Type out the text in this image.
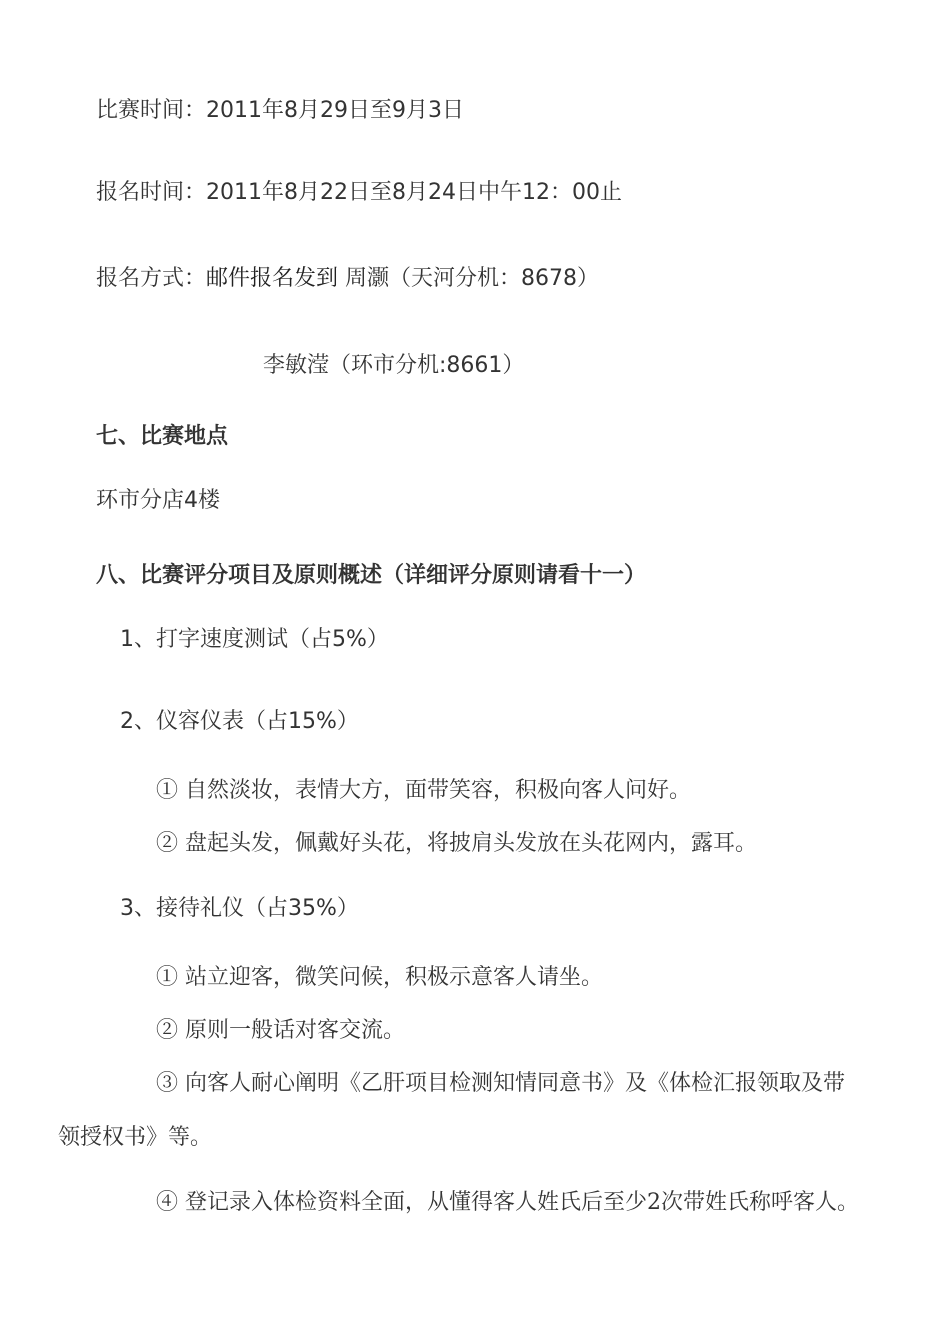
比赛时间：2011年8月29日至9月3日
报名时间：2011年8月22日至8月24日中午12：00止
报名方式：邮件报名发到 周灏（天河分机：8678）
李敏滢（环市分机:8661）
七、比赛地点
环市分店4楼
八、比赛评分项目及原则概述（详细评分原则请看十一）
1、打字速度测试（占5%）
2、仪容仪表（占15%）
① 自然淡妆，表情大方，面带笑容，积极向客人问好。
② 盘起头发，佩戴好头花，将披肩头发放在头花网内，露耳。
3、接待礼仪（占35%）
① 站立迎客，微笑问候，积极示意客人请坐。
② 原则一般话对客交流。
③ 向客人耐心阐明《乙肝项目检测知情同意书》及《体检汇报领取及带
领授权书》等。
④ 登记录入体检资料全面，从懂得客人姓氏后至少2次带姓氏称呼客人。
